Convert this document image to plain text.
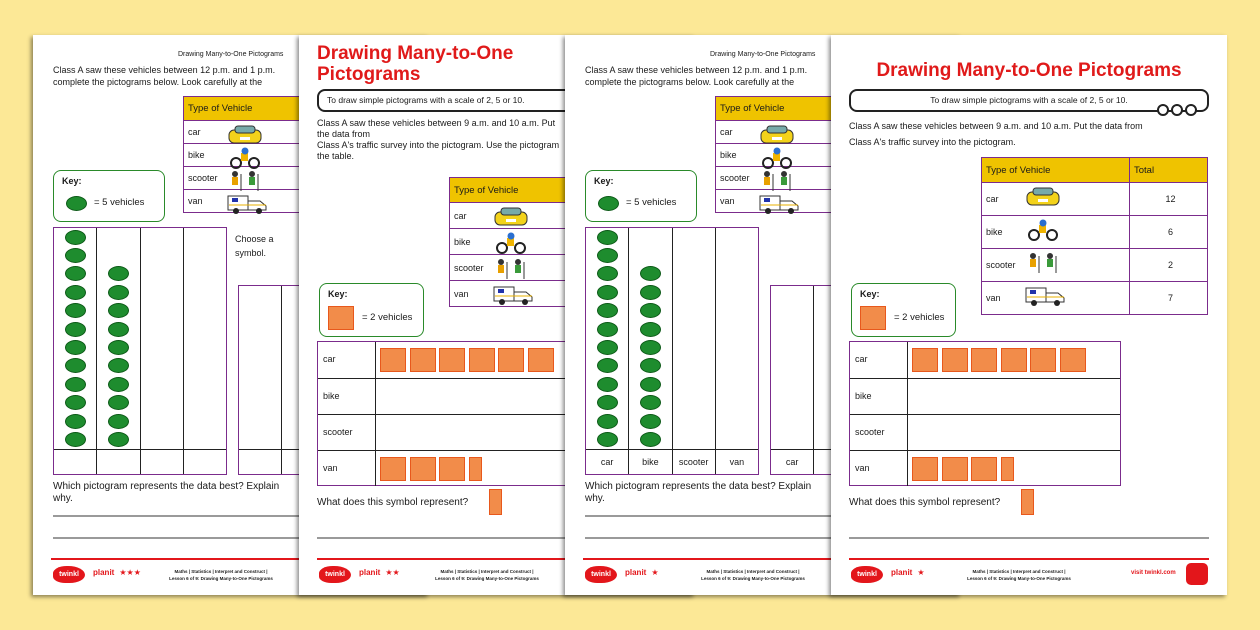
Drawing Many-to-One Pictograms
Class A saw these vehicles between 12 p.m. and 1 p.m.
complete the pictograms below. Look carefully at the
Type of Vehicle	
car

bike

scooter

van

Key:
= 5 vehicles
Choose a
symbol.
Which pictogram represents the data best? Explain why.
twinkl	planit ★★★	Maths | Statistics | Interpret and Construct |
Lesson 6 of 9: Drawing Many-to-One Pictograms
Drawing Many-to-One Pictograms
To draw simple pictograms with a scale of 2, 5 or 10.
Class A saw these vehicles between 9 a.m. and 10 a.m. Put the data from
Class A's traffic survey into the pictogram. Use the pictogram
the table.
Type of Vehicle	
car

bike

scooter

van

Key:
= 2 vehicles
car
bike
scooter
van
What does this symbol represent?
twinkl	planit ★★	Maths | Statistics | Interpret and Construct |
Lesson 6 of 9: Drawing Many-to-One Pictograms
Drawing Many-to-One Pictograms
Class A saw these vehicles between 12 p.m. and 1 p.m.
complete the pictograms below. Look carefully at the
Type of Vehicle	
car

bike

scooter

van

Key:
= 5 vehicles
car	bike	scooter	van	car
Which pictogram represents the data best? Explain why.
twinkl	planit ★	Maths | Statistics | Interpret and Construct |
Lesson 6 of 9: Drawing Many-to-One Pictograms
Drawing Many-to-One Pictograms
To draw simple pictograms with a scale of 2, 5 or 10.
Class A saw these vehicles between 9 a.m. and 10 a.m. Put the data from
Class A's traffic survey into the pictogram.
Type of Vehicle	Total
car	12
bike	6
scooter	2
van	7
Key:
= 2 vehicles
car
bike
scooter
van
What does this symbol represent?
twinkl	planit ★	Maths | Statistics | Interpret and Construct |
Lesson 6 of 9: Drawing Many-to-One Pictograms
visit twinkl.com
